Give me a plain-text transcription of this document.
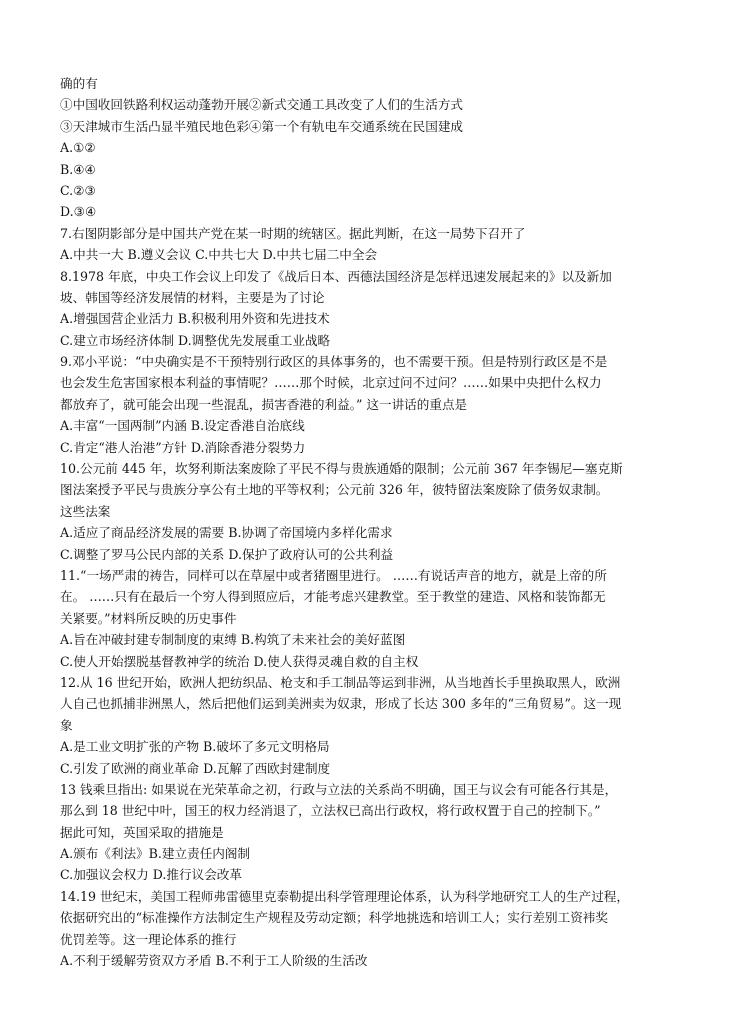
确的有
①中国收回铁路利权运动蓬勃开展②新式交通工具改变了人们的生活方式
③天津城市生活凸显半殖民地色彩④第一个有轨电车交通系统在民国建成
A.①②
B.④④
C.②③
D.③④
7.右图阴影部分是中国共产党在某一时期的统辖区。据此判断，在这一局势下召开了
A.中共一大 B.遵义会议 C.中共七大 D.中共七届二中全会
8.1978 年底，中央工作会议上印发了《战后日本、西德法国经济是怎样迅速发展起来的》以及新加
坡、韩国等经济发展情的材料，主要是为了讨论
A.增强国营企业活力 B.积极利用外资和先进技术
C.建立市场经济体制 D.调整优先发展重工业战略
9.邓小平说：“中央确实是不干预特别行政区的具体事务的，也不需要干预。但是特别行政区是不是
也会发生危害国家根本利益的事情呢？……那个时候，北京过问不过问？……如果中央把什么权力
都放弃了，就可能会出现一些混乱，损害香港的利益。” 这一讲话的重点是
A.丰富“一国两制”内涵 B.设定香港自治底线
C.肯定“港人治港”方针 D.消除香港分裂势力
10.公元前 445 年，坎努利斯法案废除了平民不得与贵族通婚的限制；公元前 367 年李锡尼—塞克斯
图法案授予平民与贵族分享公有土地的平等权利；公元前 326 年，彼特留法案废除了债务奴隶制。
这些法案
A.适应了商品经济发展的需要 B.协调了帝国境内多样化需求
C.调整了罗马公民内部的关系 D.保护了政府认可的公共利益
11.“一场严肃的祷告，同样可以在草屋中或者猪圈里进行。 ……有说话声音的地方，就是上帝的所
在。 ……只有在最后一个穷人得到照应后，才能考虑兴建教堂。至于教堂的建造、风格和装饰都无
关紧要。”材料所反映的历史事件
A.旨在冲破封建专制制度的束缚 B.构筑了未来社会的美好蓝图
C.使人开始摆脱基督教神学的统治 D.使人获得灵魂自救的自主权
12.从 16 世纪开始，欧洲人把纺织品、枪支和手工制品等运到非洲，从当地酋长手里换取黑人，欧洲
人自己也抓捕非洲黑人，然后把他们运到美洲卖为奴隶，形成了长达 300 多年的“三角贸易”。这一现
象
A.是工业文明扩张的产物 B.破坏了多元文明格局
C.引发了欧洲的商业革命 D.瓦解了西欧封建制度
13 钱乘旦指出: 如果说在光荣革命之初，行政与立法的关系尚不明确，国王与议会有可能各行其是，
那么到 18 世纪中叶，国王的权力经消退了，立法权已高出行政权，将行政权置于自己的控制下。”
据此可知，英国采取的措施是
A.颁布《利法》B.建立责任内阁制
C.加强议会权力 D.推行议会改革
14.19 世纪末，美国工程师弗雷德里克泰勒提出科学管理理论体系，认为科学地研究工人的生产过程，
依据研究出的“标准操作方法制定生产规程及劳动定额；科学地挑选和培训工人；实行差别工资袆奖
优罚差等。这一理论体系的推行
A.不利于缓解劳资双方矛盾 B.不利于工人阶级的生活改
